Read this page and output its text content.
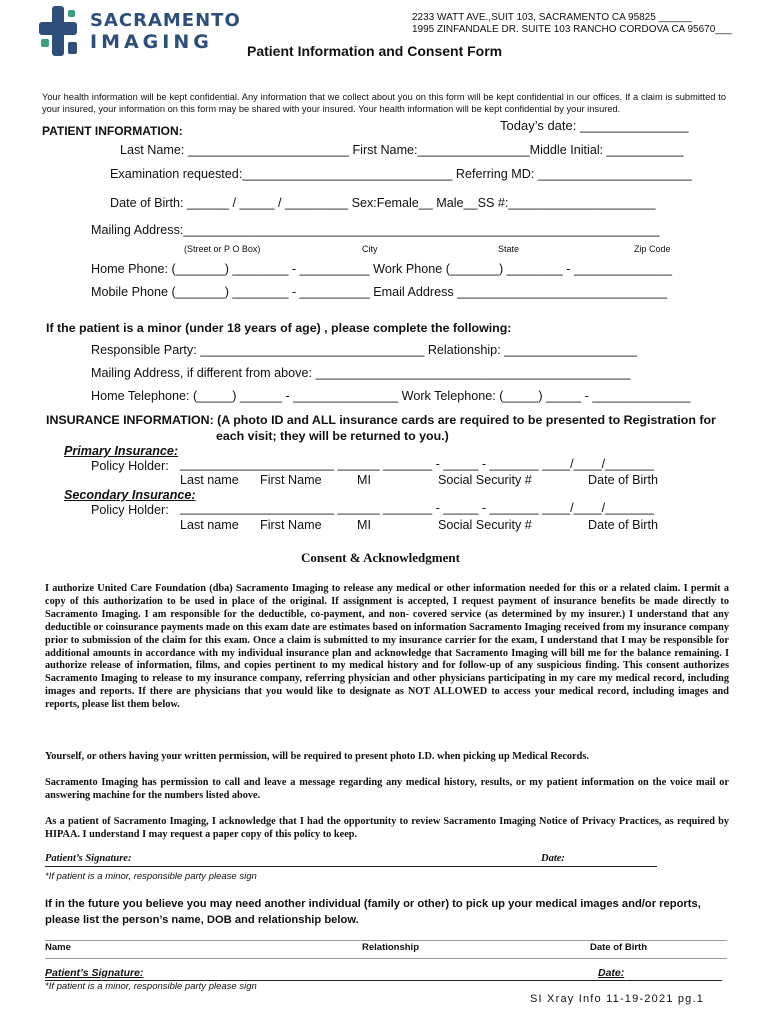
SACRAMENTO
IMAGING
2233 WATT AVE.,SUIT 103, SACRAMENTO CA 95825 ______
1995 ZINFANDALE DR. SUITE 103 RANCHO CORDOVA CA 95670___
Patient Information and Consent Form
Your health information will be kept confidential. Any information that we collect about you on this form will be kept confidential in our offices. If a claim is submitted to your insured, your information on this form may be shared with your insured. Your health information will be kept confidential by your insured.
PATIENT INFORMATION:	Today’s date: _______________
Last Name: _______________________ First Name:________________Middle Initial: ___________
Examination requested:______________________________ Referring MD: ______________________
Date of Birth: ______ / _____ / _________ Sex:Female__ Male__SS #:_____________________
Mailing Address:____________________________________________________________________
(Street or P O Box)	City	State	Zip Code
Home Phone: (_______) ________ - __________ Work Phone (_______) ________ - ______________
Mobile Phone (_______) ________ - __________ Email Address ______________________________
If the patient is a minor (under 18 years of age) , please complete the following:
Responsible Party: ________________________________ Relationship: ___________________
Mailing Address, if different from above: _____________________________________________
Home Telephone: (_____) ______ - _______________ Work Telephone: (_____) _____ - ______________
INSURANCE INFORMATION: (A photo ID and ALL insurance cards are required to be presented to Registration for
each visit; they will be returned to you.)
Primary Insurance:
Policy Holder: ______________________ ______ _______ - _____ - _______ ____/____/_______
Last name First Name	MI	Social Security #	Date of Birth
Secondary Insurance:
Policy Holder: ______________________ ______ _______ - _____ - _______ ____/____/_______
Last name First Name	MI	Social Security #	Date of Birth
Consent & Acknowledgment
I authorize United Care Foundation (dba) Sacramento Imaging to release any medical or other information needed for this or a related claim. I permit a copy of this authorization to be used in place of the original. If assignment is accepted, I request payment of insurance benefits be made directly to Sacramento Imaging. I am responsible for the deductible, co-payment, and non- covered service (as determined by my insurer.) I understand that any deductible or coinsurance payments made on this exam date are estimates based on information Sacramento Imaging received from my insurance company prior to submission of the claim for this exam. Once a claim is submitted to my insurance carrier for the exam, I understand that I may be responsible for additional amounts in accordance with my individual insurance plan and acknowledge that Sacramento Imaging will bill me for the balance remaining. I authorize release of information, films, and copies pertinent to my medical history and for follow-up of any suspicious finding. This consent authorizes Sacramento Imaging to release to my insurance company, referring physician and other physicians participating in my care my medical record, including images and reports. If there are physicians that you would like to designate as NOT ALLOWED to access your medical record, including images and reports, please list them below.
Yourself, or others having your written permission, will be required to present photo I.D. when picking up Medical Records.
Sacramento Imaging has permission to call and leave a message regarding any medical history, results, or my patient information on the voice mail or answering machine for the numbers listed above.
As a patient of Sacramento Imaging, I acknowledge that I had the opportunity to review Sacramento Imaging Notice of Privacy Practices, as required by HIPAA. I understand I may request a paper copy of this policy to keep.
Patient’s Signature:	Date:
*If patient is a minor, responsible party please sign
If in the future you believe you may need another individual (family or other) to pick up your medical images and/or reports, please list the person’s name, DOB and relationship below.
Name	Relationship	Date of Birth
Patient’s Signature:	Date:
*If patient is a minor, responsible party please sign
SI Xray Info 11-19-2021 pg.1
